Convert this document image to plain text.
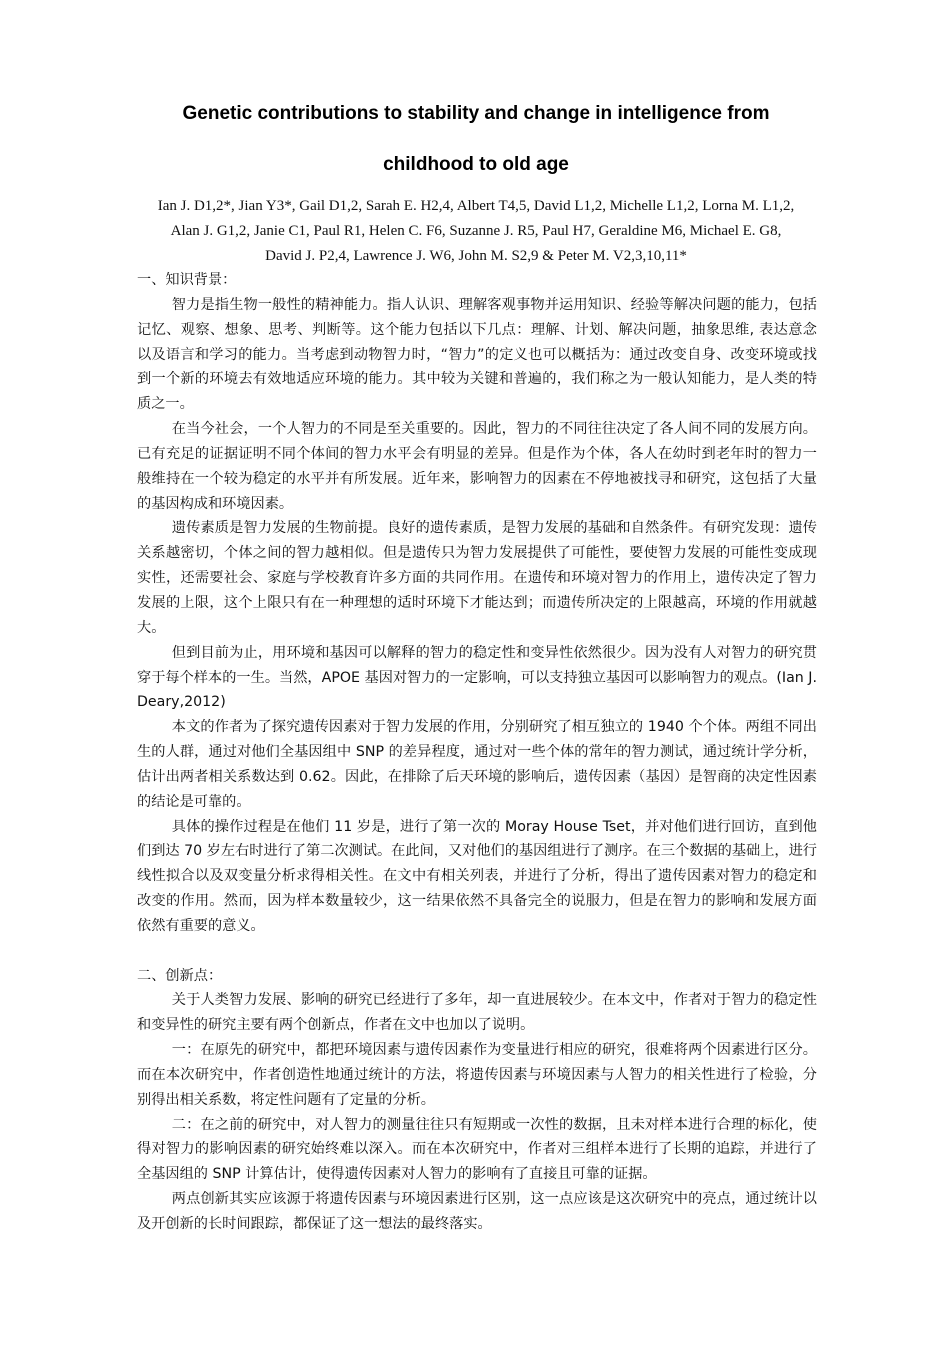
Genetic contributions to stability and change in intelligence from
childhood to old age
Ian J. D1,2*, Jian Y3*, Gail D1,2, Sarah E. H2,4, Albert T4,5, David L1,2, Michelle L1,2, Lorna M. L1,2,
Alan J. G1,2, Janie C1, Paul R1, Helen C. F6, Suzanne J. R5, Paul H7, Geraldine M6, Michael E. G8,
David J. P2,4, Lawrence J. W6, John M. S2,9 & Peter M. V2,3,10,11*
一、知识背景：

智力是指生物一般性的精神能力。指人认识、理解客观事物并运用知识、经验等解决问题的能力，包括记忆、观察、想象、思考、判断等。这个能力包括以下几点：理解、计划、解决问题，抽象思维, 表达意念 以及语言和学习的能力。当考虑到动物智力时，“智力”的定义也可以概括为：通过改变自身、改变环境或找到一个新的环境去有效地适应环境的能力。其中较为关键和普遍的，我们称之为一般认知能力，是人类的特质之一。

在当今社会，一个人智力的不同是至关重要的。因此，智力的不同往往决定了各人间不同的发展方向。已有充足的证据证明不同个体间的智力水平会有明显的差异。但是作为个体，各人在幼时到老年时的智力一般维持在一个较为稳定的水平并有所发展。近年来，影响智力的因素在不停地被找寻和研究，这包括了大量的基因构成和环境因素。

遗传素质是智力发展的生物前提。良好的遗传素质，是智力发展的基础和自然条件。有研究发现：遗传关系越密切，个体之间的智力越相似。但是遗传只为智力发展提供了可能性，要使智力发展的可能性变成现实性，还需要社会、家庭与学校教育许多方面的共同作用。在遗传和环境对智力的作用上，遗传决定了智力发展的上限，这个上限只有在一种理想的适时环境下才能达到；而遗传所决定的上限越高，环境的作用就越大。

但到目前为止，用环境和基因可以解释的智力的稳定性和变异性依然很少。因为没有人对智力的研究贯穿于每个样本的一生。当然，APOE 基因对智力的一定影响，可以支持独立基因可以影响智力的观点。(Ian J. Deary,2012)

本文的作者为了探究遗传因素对于智力发展的作用，分别研究了相互独立的 1940 个个体。两组不同出生的人群，通过对他们全基因组中 SNP 的差异程度，通过对一些个体的常年的智力测试，通过统计学分析，估计出两者相关系数达到 0.62。因此，在排除了后天环境的影响后，遗传因素（基因）是智商的决定性因素的结论是可靠的。

具体的操作过程是在他们 11 岁是，进行了第一次的 Moray House Tset，并对他们进行回访，直到他们到达 70 岁左右时进行了第二次测试。在此间，又对他们的基因组进行了测序。在三个数据的基础上，进行线性拟合以及双变量分析求得相关性。在文中有相关列表，并进行了分析，得出了遗传因素对智力的稳定和改变的作用。然而，因为样本数量较少，这一结果依然不具备完全的说服力，但是在智力的影响和发展方面依然有重要的意义。

二、创新点：

关于人类智力发展、影响的研究已经进行了多年，却一直进展较少。在本文中，作者对于智力的稳定性和变异性的研究主要有两个创新点，作者在文中也加以了说明。

一：在原先的研究中，都把环境因素与遗传因素作为变量进行相应的研究，很难将两个因素进行区分。而在本次研究中，作者创造性地通过统计的方法，将遗传因素与环境因素与人智力的相关性进行了检验，分别得出相关系数，将定性问题有了定量的分析。

二：在之前的研究中，对人智力的测量往往只有短期或一次性的数据，且未对样本进行合理的标化，使得对智力的影响因素的研究始终难以深入。而在本次研究中，作者对三组样本进行了长期的追踪，并进行了全基因组的 SNP 计算估计，使得遗传因素对人智力的影响有了直接且可靠的证据。

两点创新其实应该源于将遗传因素与环境因素进行区别，这一点应该是这次研究中的亮点，通过统计以及开创新的长时间跟踪，都保证了这一想法的最终落实。
